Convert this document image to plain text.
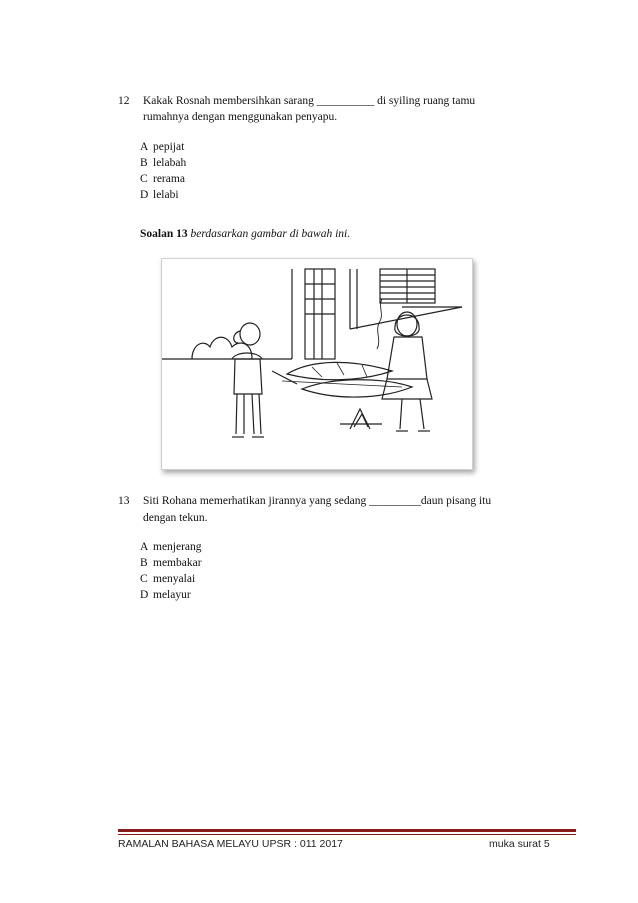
12 Kakak Rosnah membersihkan sarang __________ di syiling ruang tamu
rumahnya dengan menggunakan penyapu.
A pepijat
B lelabah
C rerama
D lelabi
Soalan 13 berdasarkan gambar di bawah ini.
13 Siti Rohana memerhatikan jirannya yang sedang _________daun pisang itu
dengan tekun.
A menjerang
B membakar
C menyalai
D melayur
RAMALAN BAHASA MELAYU UPSR : 011 2017	muka surat 5
